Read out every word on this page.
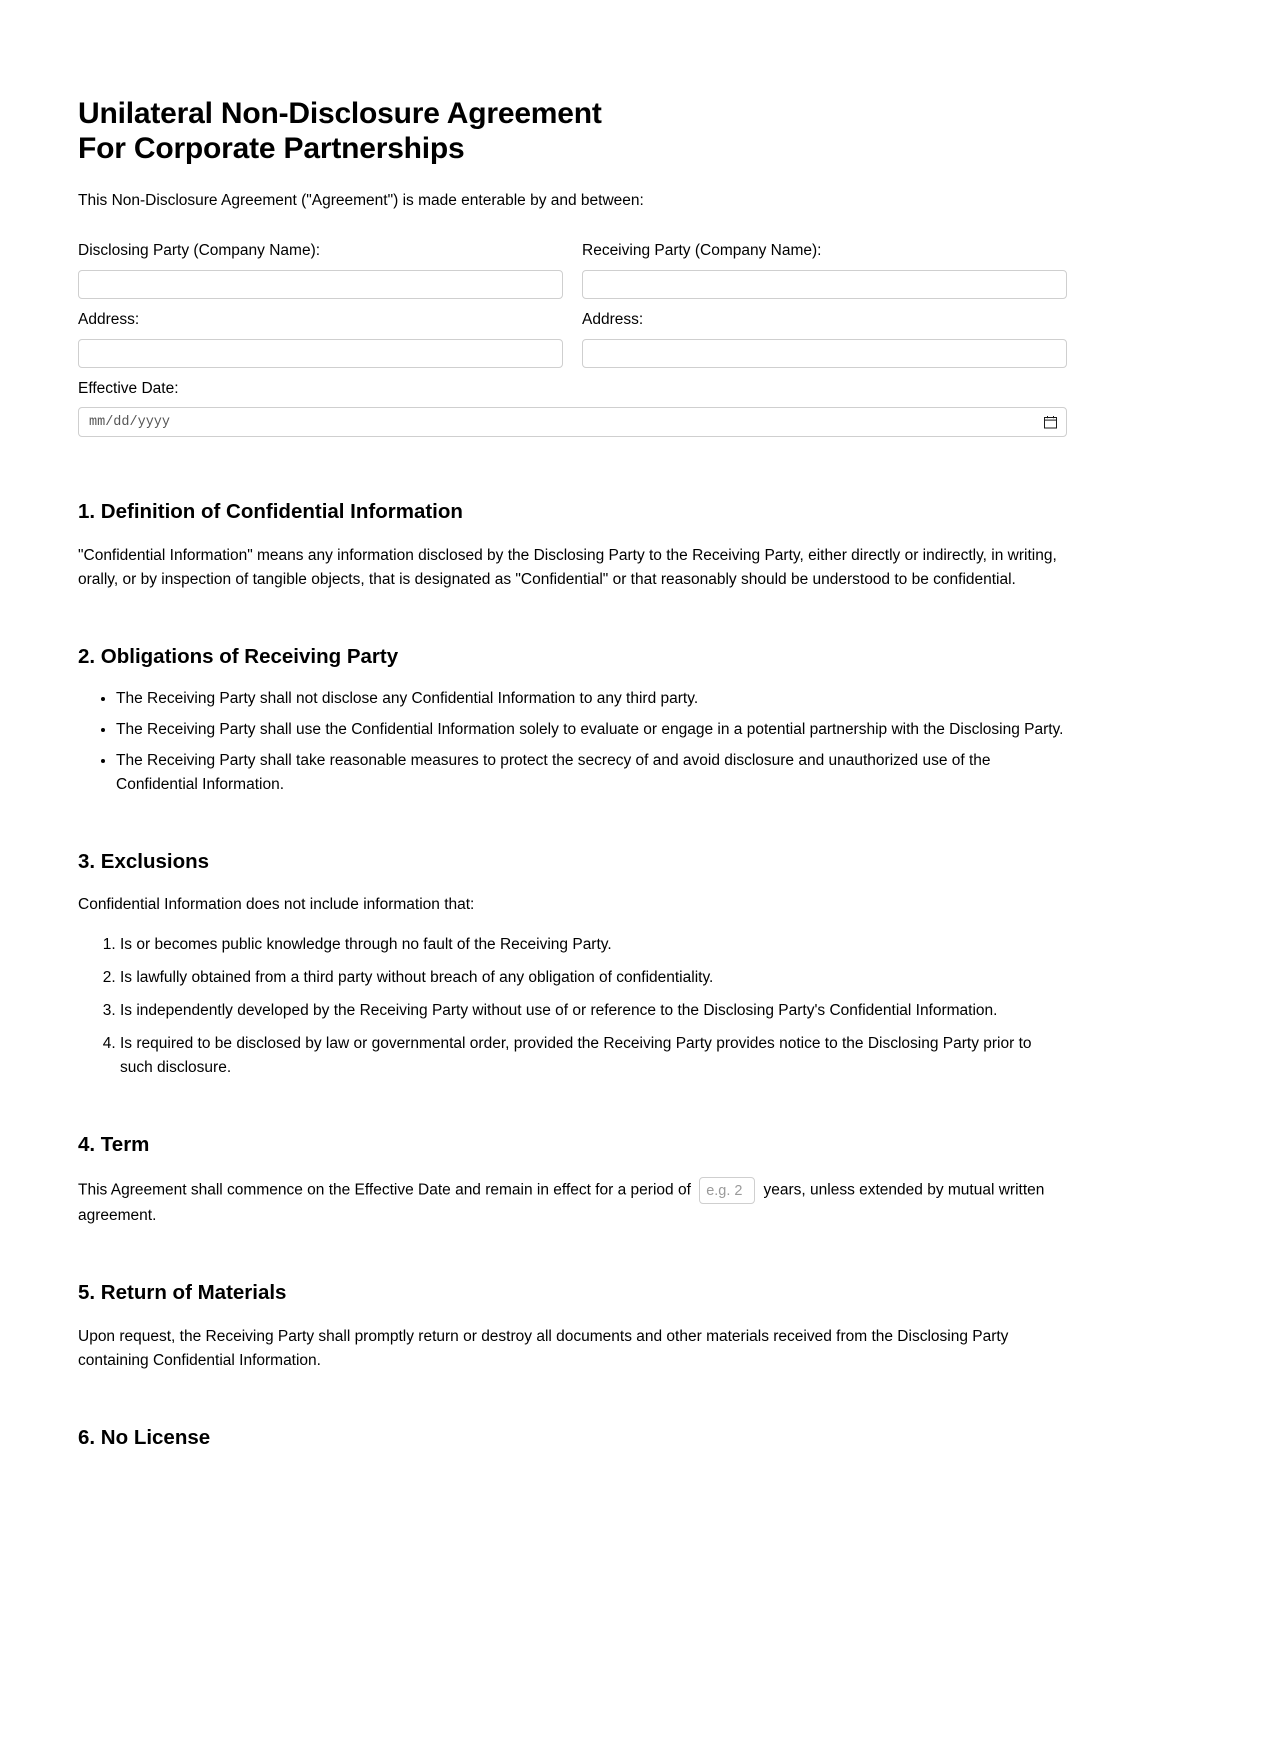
Unilateral Non-Disclosure Agreement
For Corporate Partnerships

This Non-Disclosure Agreement ("Agreement") is made enterable by and between:

Disclosing Party (Company Name):	Receiving Party (Company Name):
Address:	Address:
Effective Date:
mm/dd/yyyy
1. Definition of Confidential Information

"Confidential Information" means any information disclosed by the Disclosing Party to the Receiving Party, either directly or indirectly, in writing, orally, or by inspection of tangible objects, that is designated as "Confidential" or that reasonably should be understood to be confidential.

2. Obligations of Receiving Party
• The Receiving Party shall not disclose any Confidential Information to any third party.
• The Receiving Party shall use the Confidential Information solely to evaluate or engage in a potential partnership with the Disclosing Party.
• The Receiving Party shall take reasonable measures to protect the secrecy of and avoid disclosure and unauthorized use of the Confidential Information.
3. Exclusions

Confidential Information does not include information that:

1. Is or becomes public knowledge through no fault of the Receiving Party.
2. Is lawfully obtained from a third party without breach of any obligation of confidentiality.
3. Is independently developed by the Receiving Party without use of or reference to the Disclosing Party's Confidential Information.
4. Is required to be disclosed by law or governmental order, provided the Receiving Party provides notice to the Disclosing Party prior to such disclosure.
4. Term

This Agreement shall commence on the Effective Date and remain in effect for a period of e.g. 2	years, unless extended by mutual written agreement.

5. Return of Materials

Upon request, the Receiving Party shall promptly return or destroy all documents and other materials received from the Disclosing Party containing Confidential Information.

6. No License
